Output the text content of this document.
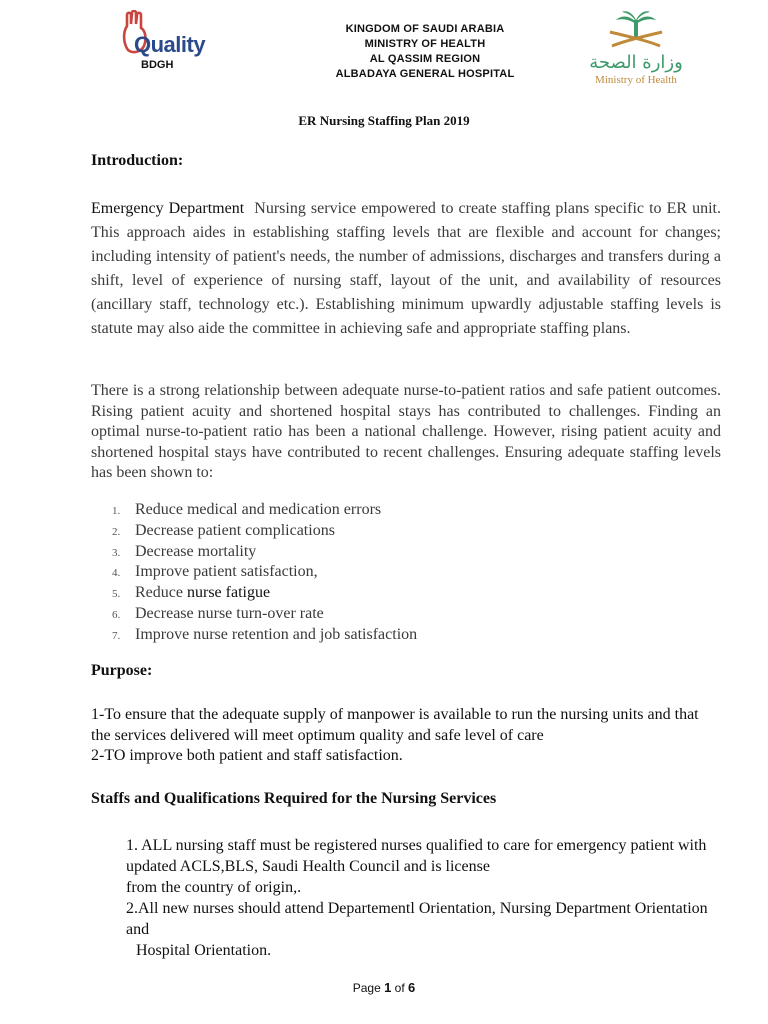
Quality
BDGH
KINGDOM OF SAUDI ARABIA
MINISTRY OF HEALTH
AL QASSIM REGION
ALBADAYA GENERAL HOSPITAL
وزارة الصحة
Ministry of Health
ER Nursing Staffing Plan 2019
Introduction:
Emergency Department Nursing service empowered to create staffing plans specific to ER unit. This approach aides in establishing staffing levels that are flexible and account for changes; including intensity of patient's needs, the number of admissions, discharges and transfers during a shift, level of experience of nursing staff, layout of the unit, and availability of resources (ancillary staff, technology etc.). Establishing minimum upwardly adjustable staffing levels is statute may also aide the committee in achieving safe and appropriate staffing plans.
There is a strong relationship between adequate nurse-to-patient ratios and safe patient outcomes. Rising patient acuity and shortened hospital stays has contributed to challenges. Finding an optimal nurse-to-patient ratio has been a national challenge. However, rising patient acuity and shortened hospital stays have contributed to recent challenges. Ensuring adequate staffing levels has been shown to:
1. Reduce medical and medication errors
2. Decrease patient complications
3. Decrease mortality
4. Improve patient satisfaction,
5. Reduce nurse fatigue
6. Decrease nurse turn-over rate
7. Improve nurse retention and job satisfaction
Purpose:
1-To ensure that the adequate supply of manpower is available to run the nursing units and that the services delivered will meet optimum quality and safe level of care
2-TO improve both patient and staff satisfaction.
Staffs and Qualifications Required for the Nursing Services
1. ALL nursing staff must be registered nurses qualified to care for emergency patient with updated ACLS,BLS, Saudi Health Council and is license
from the country of origin,.
2.All new nurses should attend Departementl Orientation, Nursing Department Orientation and
Hospital Orientation.
Page 1 of 6
